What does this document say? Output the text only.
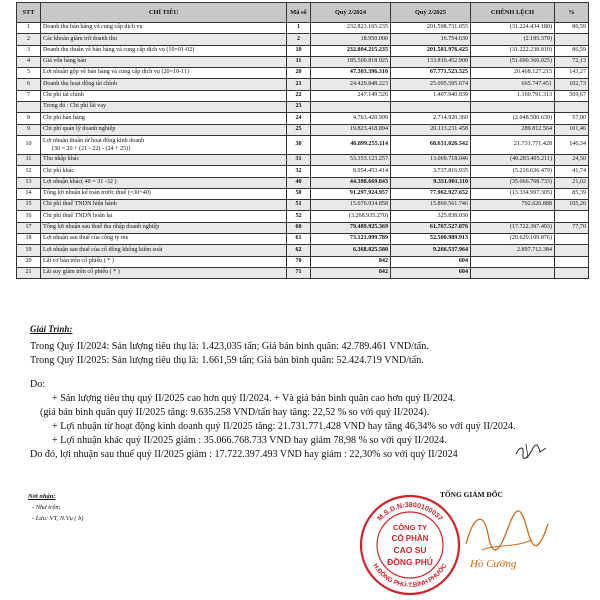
STT	CHỈ TIÊU	Mã số	Quý 2/2024	Quý 2/2025	CHÊNH LỆCH	%
1	Doanh thu bán hàng và cung cấp dịch vụ	1	232.823.165.235	201.598.731.055	(31.224.434.180)	86,59
2	Các khoản giảm trừ doanh thu	2	18.950.000	16.754.630	(2.195.370)	
3	Doanh thu thuần về bán hàng và cung cấp dịch vụ (10=01-02)	10	232.804.215.235	201.581.976.425	(31.222.238.810)	86,59
4	Giá vốn hàng bán	11	185.500.818.925	133.810.452.900	(51.690.366.025)	72,13
5	Lợi nhuận gộp về bán hàng và cung cấp dịch vụ (20=10-11)	20	47.303.396.310	67.771.523.525	20.468.127.215	143,27
6	Doanh thu hoạt động tài chính	21	24.429.848.223	25.095.595.674	665.747.451	102,73
7	Chi phí tài chính	22	247.149.526	1.407.940.839	1.160.791.313	569,67
	Trong đó : Chi phí lãi vay	23				
8	Chi phí bán hàng	24	4.763.420.999	2.714.920.360	(2.048.500.639)	57,00
9	Chi phí quản lý doanh nghiệp	25	19.823.418.894	20.113.231.458	289.812.564	101,46
10	Lợi nhuận thuần từ hoạt động kinh doanh
{30 = 20 + (21 - 22) - (24 + 25)}	30	46.899.255.114	68.631.026.542	21.731.771.428	146,34
11	Thu nhập khác	31	53.353.123.257	13.069.718.046	(40.283.405.211)	24,50
12	Chi phí khác	32	8.954.453.414	3.737.816.935	(5.216.636.479)	41,74
13	Lợi nhuận khác( 40 = 31 -32 )	40	44.398.669.843	9.331.901.110	(35.066.768.733)	21,02
14	Tổng lợi nhuận kế toán trước thuế (=30+40)	50	91.297.924.957	77.962.927.652	(13.334.997.305)	85,39
15	Chi phí thuế TNDN hiện hành	51	15.076.934.858	15.869.561.746	792.626.888	105,26
16	Chi phí thuế TNDN hoãn lại	52	(3.268.935.270)	325.838.030		
17	Tổng lợi nhuận sau thuế thu nhập doanh nghiệp	60	79.489.925.369	61.767.527.876	(17.722.397.493)	77,70
18	Lợi nhuận sau thuế của công ty mẹ	61	73.121.099.789	52.500.989.913	(20.620.109.876)	
19	Lợi nhuận sau thuế của cổ đông không kiểm soát	62	6.368.825.580	9.266.537.964	2.897.712.384	
20	Lãi cơ bản trên cổ phiếu ( * )	70	842	604		
21	Lãi suy giảm trên cổ phiếu ( * )	71	842	604		

Giải Trình:

Trong Quý II/2024: Sản lượng tiêu thụ là: 1.423,035 tấn; Giá bán bình quân: 42.789.461 VND/tấn.

Trong Quý II/2025: Sản lượng tiêu thụ là: 1.661,59 tấn; Giá bán bình quân: 52.424.719 VND/tấn.

Do:

+ Sản lượng tiêu thụ quý II/2025 cao hơn quý II/2024. + Và giá bán bình quân cao hơn quý II/2024.

(giá bán bình quân quý II/2025 tăng: 9.635.258 VND/tấn hay tăng: 22,52 % so với quý II/2024).

+ Lợi nhuận từ hoạt động kinh doanh quý II/2025 tăng: 21.731.771.428 VND hay tăng 46,34% so với quý II/2024.

+ Lợi nhuận khác quý II/2025 giảm : 35.066.768.733 VND hay giảm 78,98 % so với quý II/2024.

Do đó, lợi nhuận sau thuế quý II/2025 giảm : 17.722.397.493 VND hay giảm : 22,30% so với quý II/2024

Nơi nhận:
- Như trên;
- Lưu: VT, N.Vụ ( b)	M.S.D.N:3800100037
H.ĐỒNG PHÚ-T.BÌNH PHƯỚC
CÔNG TY
CỔ PHẦN
CAO SU
ĐỒNG PHÚ
TỔNG GIÁM ĐỐC
Hồ Cường
